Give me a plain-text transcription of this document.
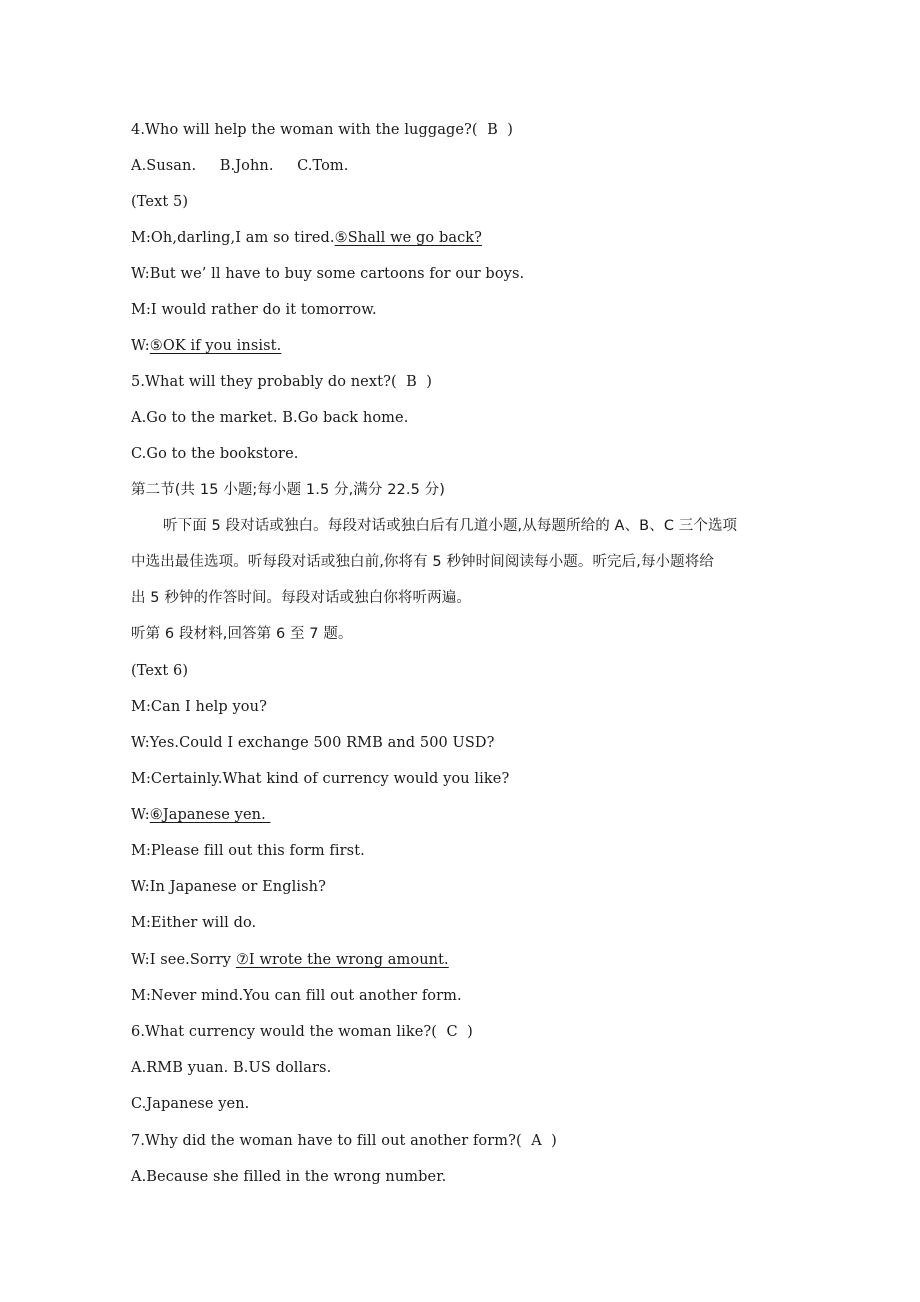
4.Who will help the woman with the luggage?(  B  )
A.Susan.     B.John.     C.Tom.
(Text 5)
M:Oh,darling,I am so tired.⑤Shall we go back?
W:But we’ ll have to buy some cartoons for our boys.
M:I would rather do it tomorrow.
W:⑤OK if you insist.
5.What will they probably do next?(  B  )
A.Go to the market. B.Go back home.
C.Go to the bookstore.
第二节(共 15 小题;每小题 1.5 分,满分 22.5 分)
听下面 5 段对话或独白。每段对话或独白后有几道小题,从每题所给的 A、B、C 三个选项
中选出最佳选项。听每段对话或独白前,你将有 5 秒钟时间阅读每小题。听完后,每小题将给
出 5 秒钟的作答时间。每段对话或独白你将听两遍。
听第 6 段材料,回答第 6 至 7 题。
(Text 6)
M:Can I help you?
W:Yes.Could I exchange 500 RMB and 500 USD?
M:Certainly.What kind of currency would you like?
W:⑥Japanese yen.
M:Please fill out this form first.
W:In Japanese or English?
M:Either will do.
W:I see.Sorry ⑦I wrote the wrong amount.
M:Never mind.You can fill out another form.
6.What currency would the woman like?(  C  )
A.RMB yuan. B.US dollars.
C.Japanese yen.
7.Why did the woman have to fill out another form?(  A  )
A.Because she filled in the wrong number.
